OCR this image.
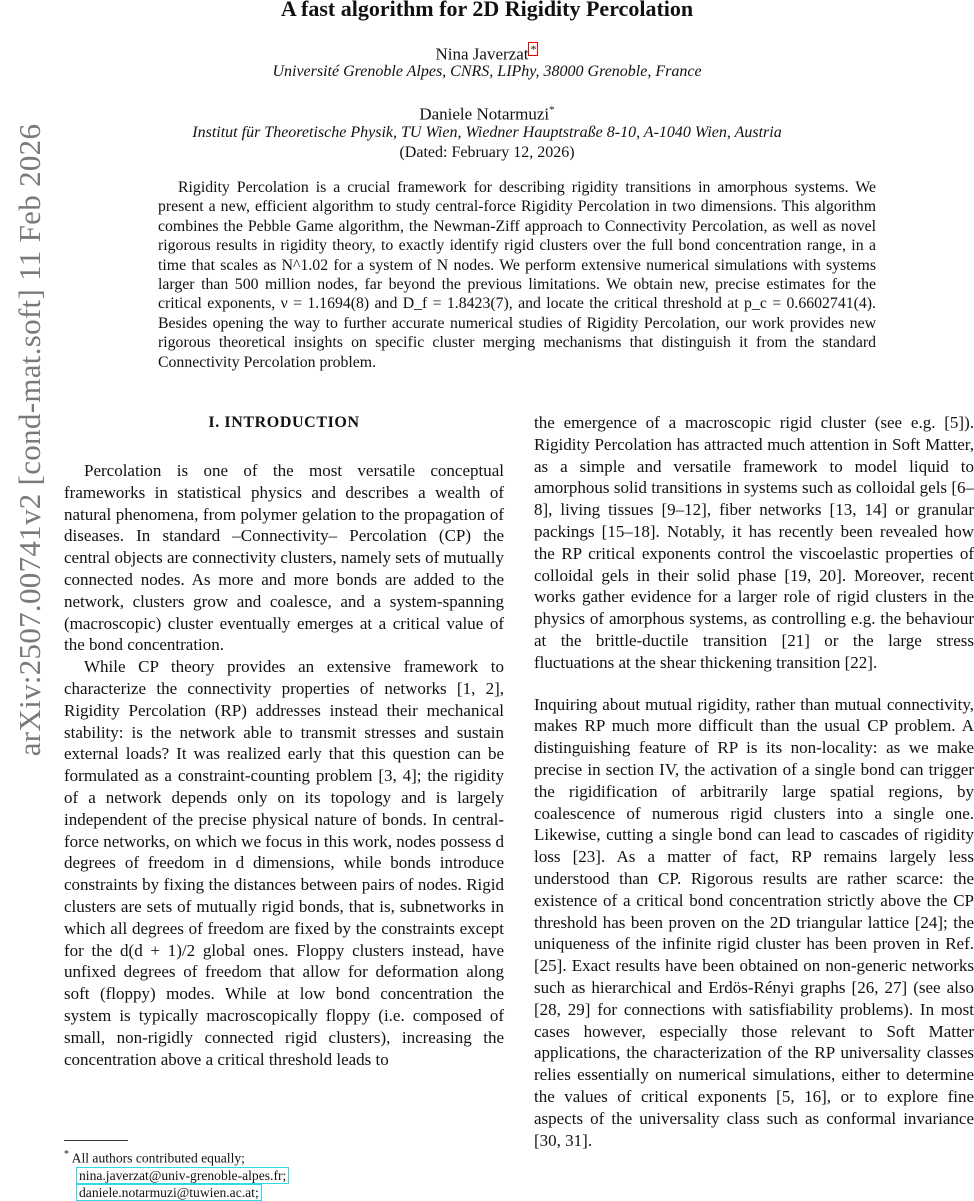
arXiv:2507.00741v2 [cond-mat.soft] 11 Feb 2026
A fast algorithm for 2D Rigidity Percolation
Nina Javerzat *
Université Grenoble Alpes, CNRS, LIPhy, 38000 Grenoble, France
Daniele Notarmuzi*
Institut für Theoretische Physik, TU Wien, Wiedner Hauptstraße 8-10, A-1040 Wien, Austria
(Dated: February 12, 2026)
Rigidity Percolation is a crucial framework for describing rigidity transitions in amorphous systems. We present a new, efficient algorithm to study central-force Rigidity Percolation in two dimensions. This algorithm combines the Pebble Game algorithm, the Newman-Ziff approach to Connectivity Percolation, as well as novel rigorous results in rigidity theory, to exactly identify rigid clusters over the full bond concentration range, in a time that scales as N^1.02 for a system of N nodes. We perform extensive numerical simulations with systems larger than 500 million nodes, far beyond the previous limitations. We obtain new, precise estimates for the critical exponents, ν = 1.1694(8) and D_f = 1.8423(7), and locate the critical threshold at p_c = 0.6602741(4). Besides opening the way to further accurate numerical studies of Rigidity Percolation, our work provides new rigorous theoretical insights on specific cluster merging mechanisms that distinguish it from the standard Connectivity Percolation problem.
I. INTRODUCTION

Percolation is one of the most versatile conceptual frameworks in statistical physics and describes a wealth of natural phenomena, from polymer gelation to the propagation of diseases. In standard –Connectivity– Percolation (CP) the central objects are connectivity clusters, namely sets of mutually connected nodes. As more and more bonds are added to the network, clusters grow and coalesce, and a system-spanning (macroscopic) cluster eventually emerges at a critical value of the bond concentration.

While CP theory provides an extensive framework to characterize the connectivity properties of networks [1, 2], Rigidity Percolation (RP) addresses instead their mechanical stability: is the network able to transmit stresses and sustain external loads? It was realized early that this question can be formulated as a constraint-counting problem [3, 4]; the rigidity of a network depends only on its topology and is largely independent of the precise physical nature of bonds. In central-force networks, on which we focus in this work, nodes possess d degrees of freedom in d dimensions, while bonds introduce constraints by fixing the distances between pairs of nodes. Rigid clusters are sets of mutually rigid bonds, that is, subnetworks in which all degrees of freedom are fixed by the constraints except for the d(d + 1)/2 global ones. Floppy clusters instead, have unfixed degrees of freedom that allow for deformation along soft (floppy) modes. While at low bond concentration the system is typically macroscopically floppy (i.e. composed of small, non-rigidly connected rigid clusters), increasing the concentration above a critical threshold leads to

the emergence of a macroscopic rigid cluster (see e.g. [5]). Rigidity Percolation has attracted much attention in Soft Matter, as a simple and versatile framework to model liquid to amorphous solid transitions in systems such as colloidal gels [6–8], living tissues [9–12], fiber networks [13, 14] or granular packings [15–18]. Notably, it has recently been revealed how the RP critical exponents control the viscoelastic properties of colloidal gels in their solid phase [19, 20]. Moreover, recent works gather evidence for a larger role of rigid clusters in the physics of amorphous systems, as controlling e.g. the behaviour at the brittle-ductile transition [21] or the large stress fluctuations at the shear thickening transition [22].

Inquiring about mutual rigidity, rather than mutual connectivity, makes RP much more difficult than the usual CP problem. A distinguishing feature of RP is its non-locality: as we make precise in section IV, the activation of a single bond can trigger the rigidification of arbitrarily large spatial regions, by coalescence of numerous rigid clusters into a single one. Likewise, cutting a single bond can lead to cascades of rigidity loss [23]. As a matter of fact, RP remains largely less understood than CP. Rigorous results are rather scarce: the existence of a critical bond concentration strictly above the CP threshold has been proven on the 2D triangular lattice [24]; the uniqueness of the infinite rigid cluster has been proven in Ref. [25]. Exact results have been obtained on non-generic networks such as hierarchical and Erdös-Rényi graphs [26, 27] (see also [28, 29] for connections with satisfiability problems). In most cases however, especially those relevant to Soft Matter applications, the characterization of the RP universality classes relies essentially on numerical simulations, either to determine the values of critical exponents [5, 16], or to explore fine aspects of the universality class such as conformal invariance [30, 31].

* All authors contributed equally;
nina.javerzat@univ-grenoble-alpes.fr;
daniele.notarmuzi@tuwien.ac.at;
